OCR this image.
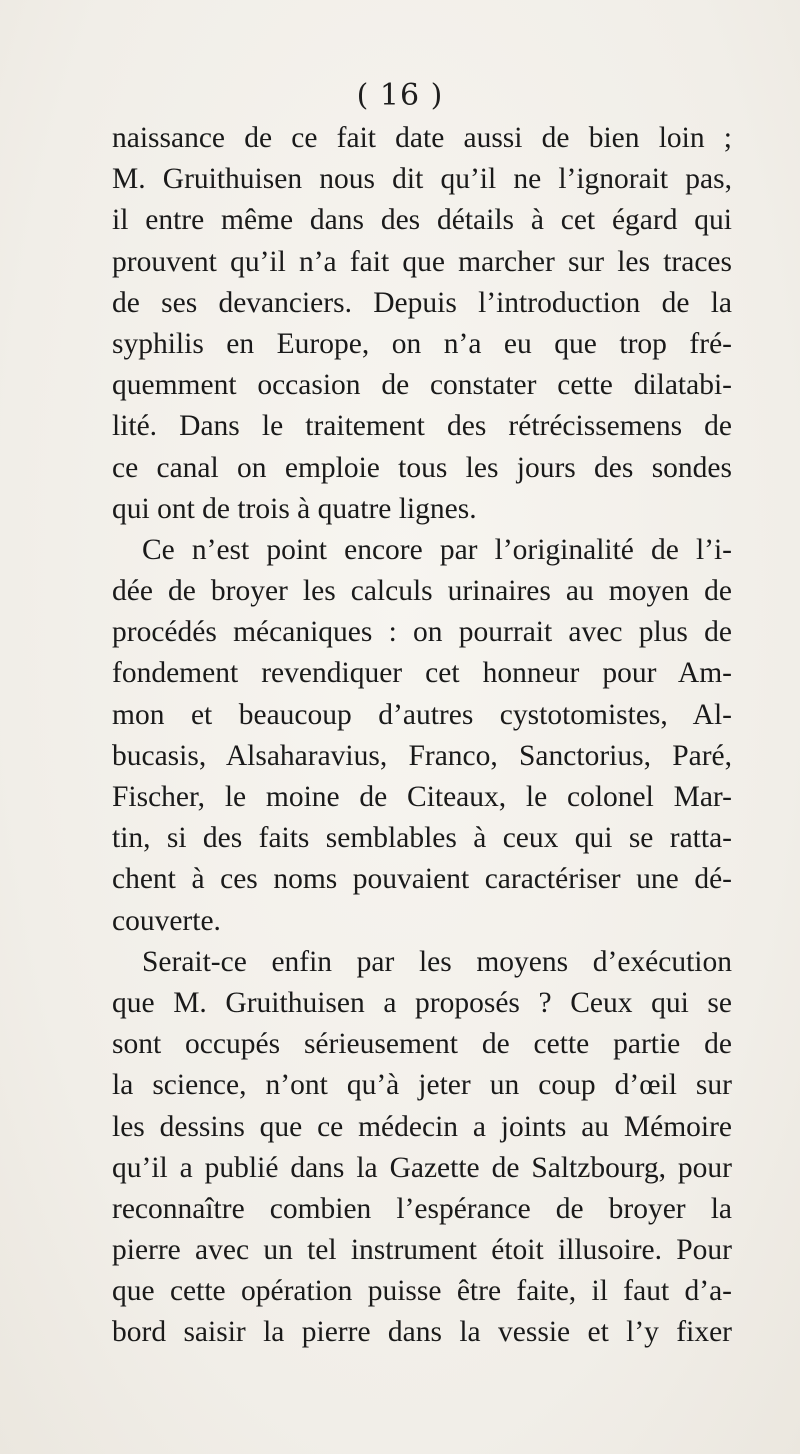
( 16 )
naissance de ce fait date aussi de bien loin ;
M. Gruithuisen nous dit qu’il ne l’ignorait pas,
il entre même dans des détails à cet égard qui
prouvent qu’il n’a fait que marcher sur les traces
de ses devanciers. Depuis l’introduction de la
syphilis en Europe, on n’a eu que trop fré-
quemment occasion de constater cette dilatabi-
lité. Dans le traitement des rétrécissemens de
ce canal on emploie tous les jours des sondes
qui ont de trois à quatre lignes.
Ce n’est point encore par l’originalité de l’i-
dée de broyer les calculs urinaires au moyen de
procédés mécaniques : on pourrait avec plus de
fondement revendiquer cet honneur pour Am-
mon et beaucoup d’autres cystotomistes, Al-
bucasis, Alsaharavius, Franco, Sanctorius, Paré,
Fischer, le moine de Citeaux, le colonel Mar-
tin, si des faits semblables à ceux qui se ratta-
chent à ces noms pouvaient caractériser une dé-
couverte.
Serait-ce enfin par les moyens d’exécution
que M. Gruithuisen a proposés ? Ceux qui se
sont occupés sérieusement de cette partie de
la science, n’ont qu’à jeter un coup d’œil sur
les dessins que ce médecin a joints au Mémoire
qu’il a publié dans la Gazette de Saltzbourg, pour
reconnaître combien l’espérance de broyer la
pierre avec un tel instrument étoit illusoire. Pour
que cette opération puisse être faite, il faut d’a-
bord saisir la pierre dans la vessie et l’y fixer
